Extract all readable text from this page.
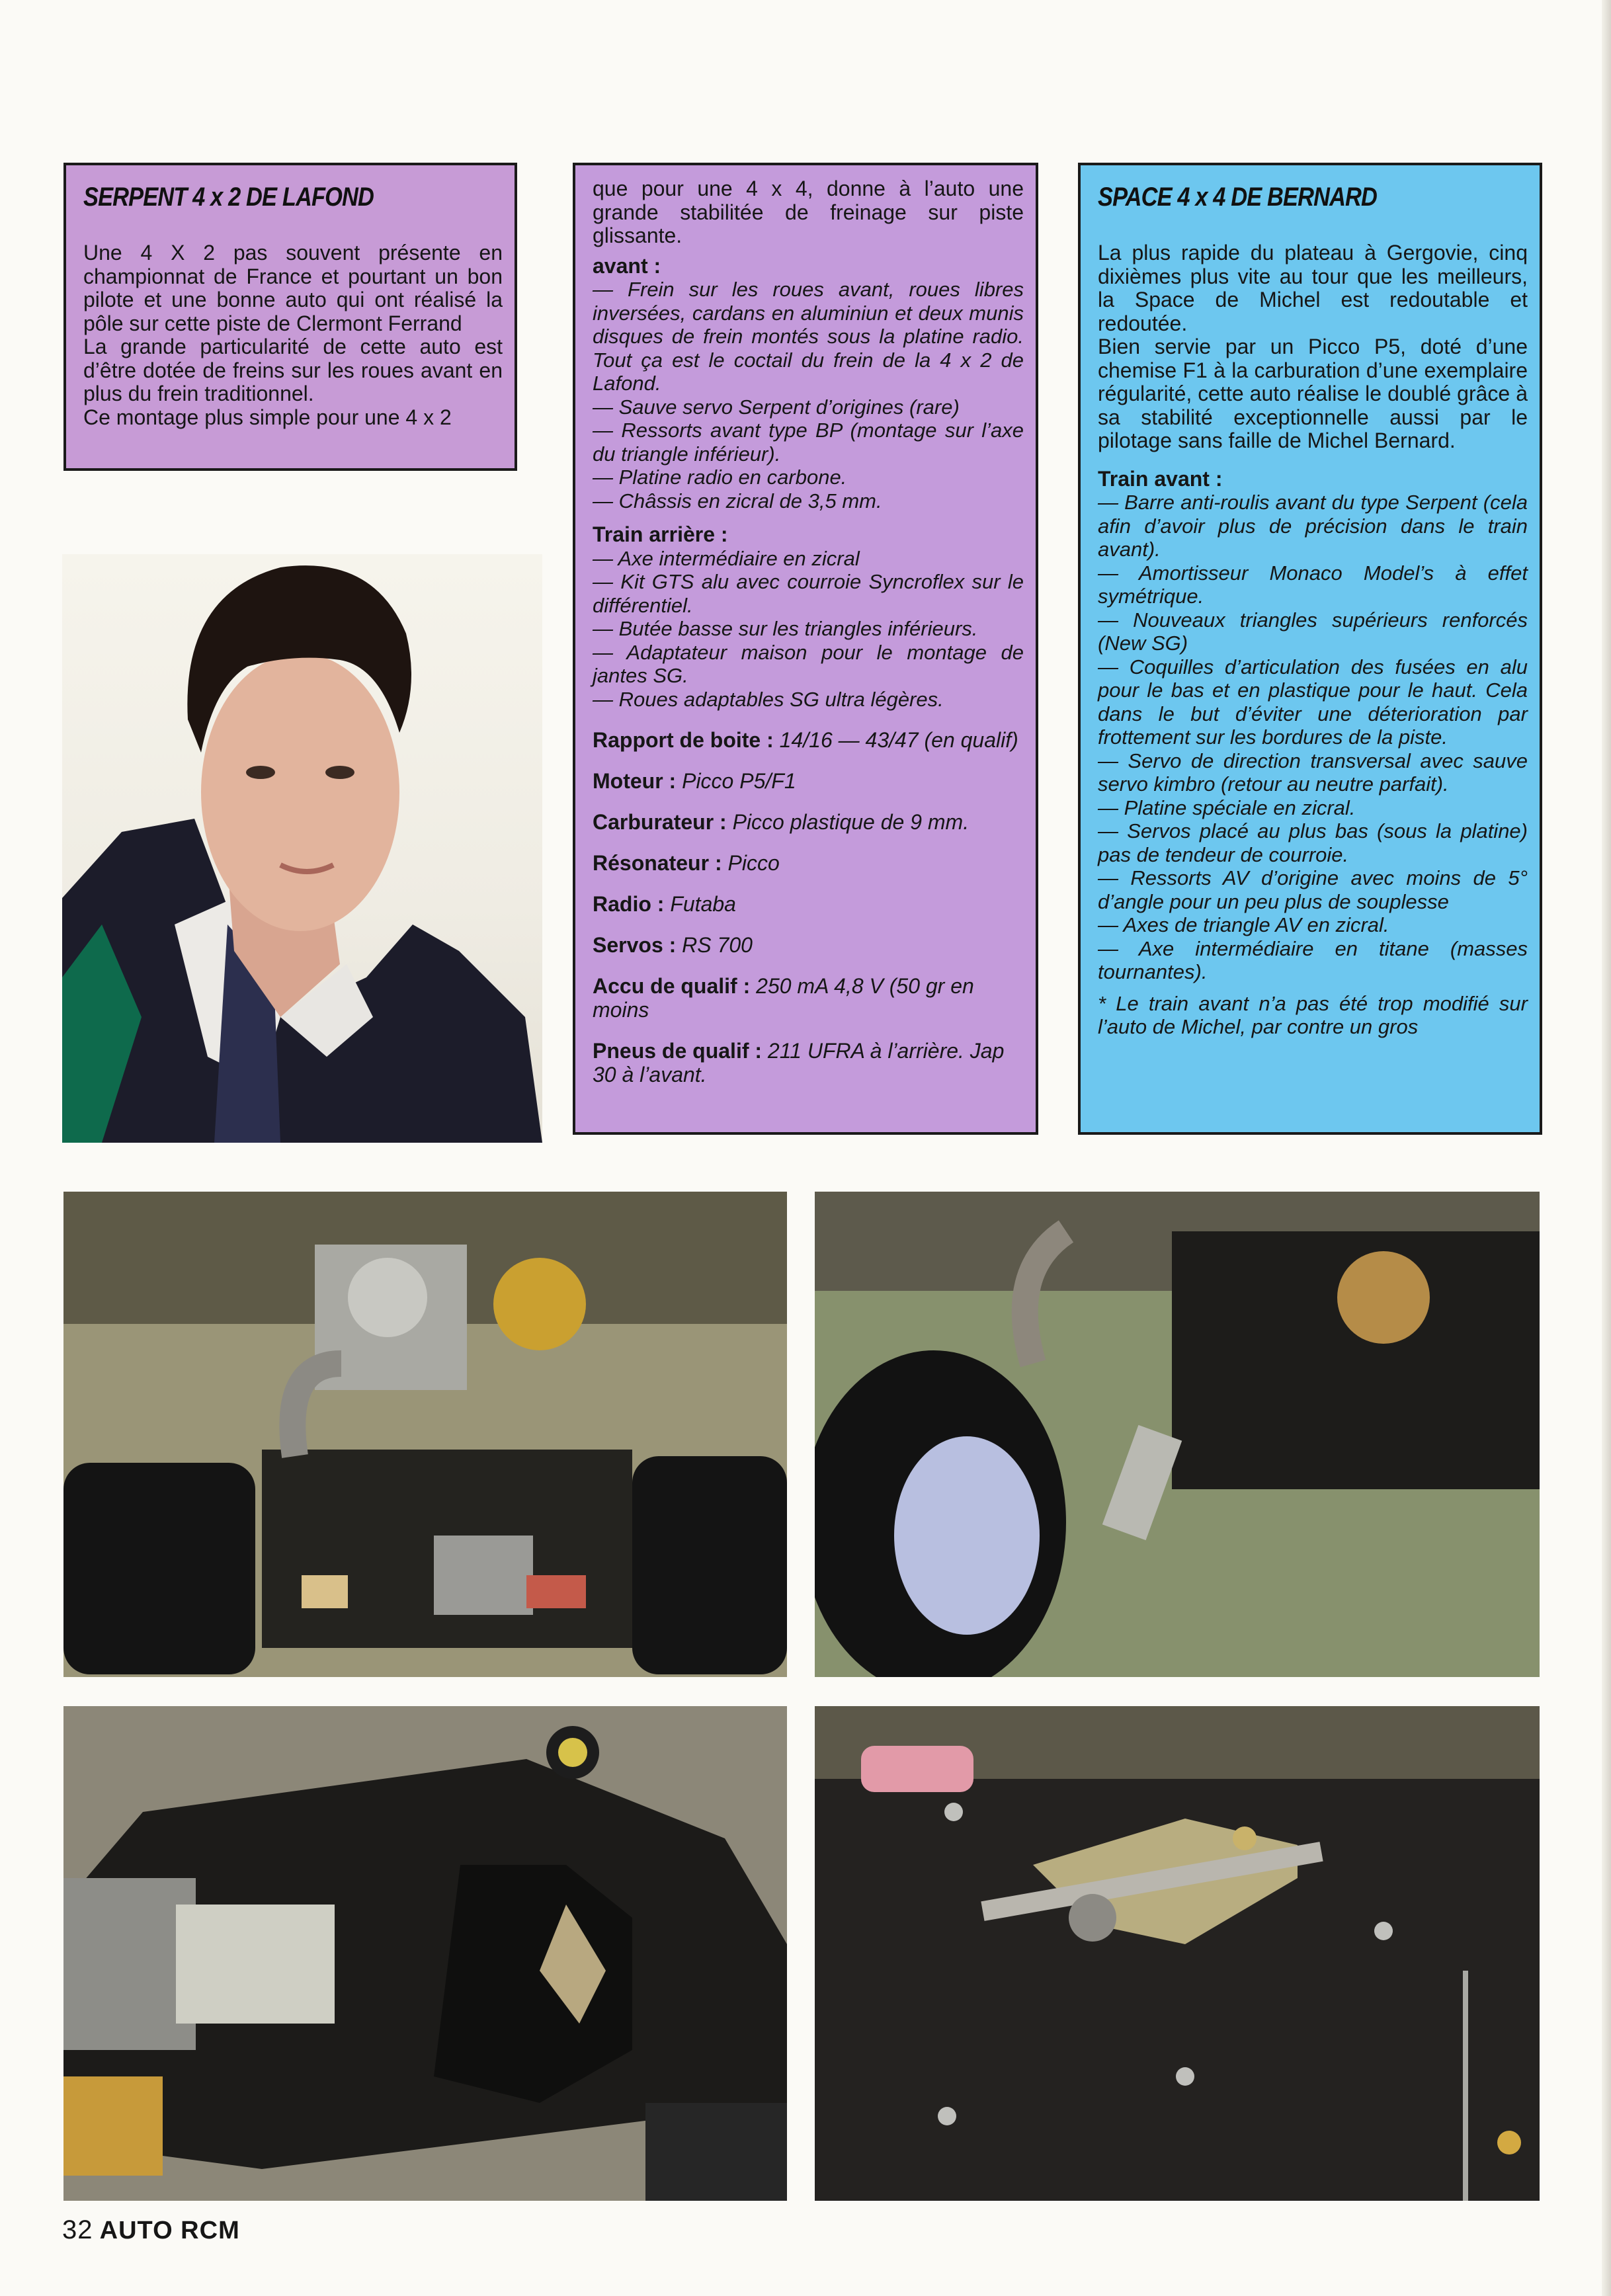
SERPENT 4 x 2 DE LAFOND

Une 4 X 2 pas souvent présente en championnat de France et pourtant un bon pilote et une bonne auto qui ont réalisé la pôle sur cette piste de Clermont Ferrand

La grande particularité de cette auto est d’être dotée de freins sur les roues avant en plus du frein traditionnel.

Ce montage plus simple pour une 4 x 2

que pour une 4 x 4, donne à l’auto une grande stabilitée de freinage sur piste glissante.

avant :

— Frein sur les roues avant, roues libres inversées, cardans en aluminiun et deux munis disques de frein montés sous la platine radio. Tout ça est le coctail du frein de la 4 x 2 de Lafond.

— Sauve servo Serpent d’origines (rare)

— Ressorts avant type BP (montage sur l’axe du triangle inférieur).

— Platine radio en carbone.

— Châssis en zicral de 3,5 mm.

Train arrière :

— Axe intermédiaire en zicral

— Kit GTS alu avec courroie Syncroflex sur le différentiel.

— Butée basse sur les triangles inférieurs.

— Adaptateur maison pour le montage de jantes SG.

— Roues adaptables SG ultra légères.

Rapport de boite : 14/16 — 43/47 (en qualif)

Moteur : Picco P5/F1

Carburateur : Picco plastique de 9 mm.

Résonateur : Picco

Radio : Futaba

Servos : RS 700

Accu de qualif : 250 mA 4,8 V (50 gr en moins

Pneus de qualif : 211 UFRA à l’arrière. Jap 30 à l’avant.

SPACE 4 x 4 DE BERNARD

La plus rapide du plateau à Gergovie, cinq dixièmes plus vite au tour que les meilleurs, la Space de Michel est redoutable et redoutée.

Bien servie par un Picco P5, doté d’une chemise F1 à la carburation d’une exemplaire régularité, cette auto réalise le doublé grâce à sa stabilité exceptionnelle aussi par le pilotage sans faille de Michel Bernard.

Train avant :

— Barre anti-roulis avant du type Serpent (cela afin d’avoir plus de précision dans le train avant).

— Amortisseur Monaco Model’s à effet symétrique.

— Nouveaux triangles supérieurs renforcés (New SG)

— Coquilles d’articulation des fusées en alu pour le bas et en plastique pour le haut. Cela dans le but d’éviter une déterioration par frottement sur les bordures de la piste.

— Servo de direction transversal avec sauve servo kimbro (retour au neutre parfait).

— Platine spéciale en zicral.

— Servos placé au plus bas (sous la platine) pas de tendeur de courroie.

— Ressorts AV d’origine avec moins de 5° d’angle pour un peu plus de souplesse

— Axes de triangle AV en zicral.

— Axe intermédiaire en titane (masses tournantes).

* Le train avant n’a pas été trop modifié sur l’auto de Michel, par contre un gros

32 AUTO RCM
